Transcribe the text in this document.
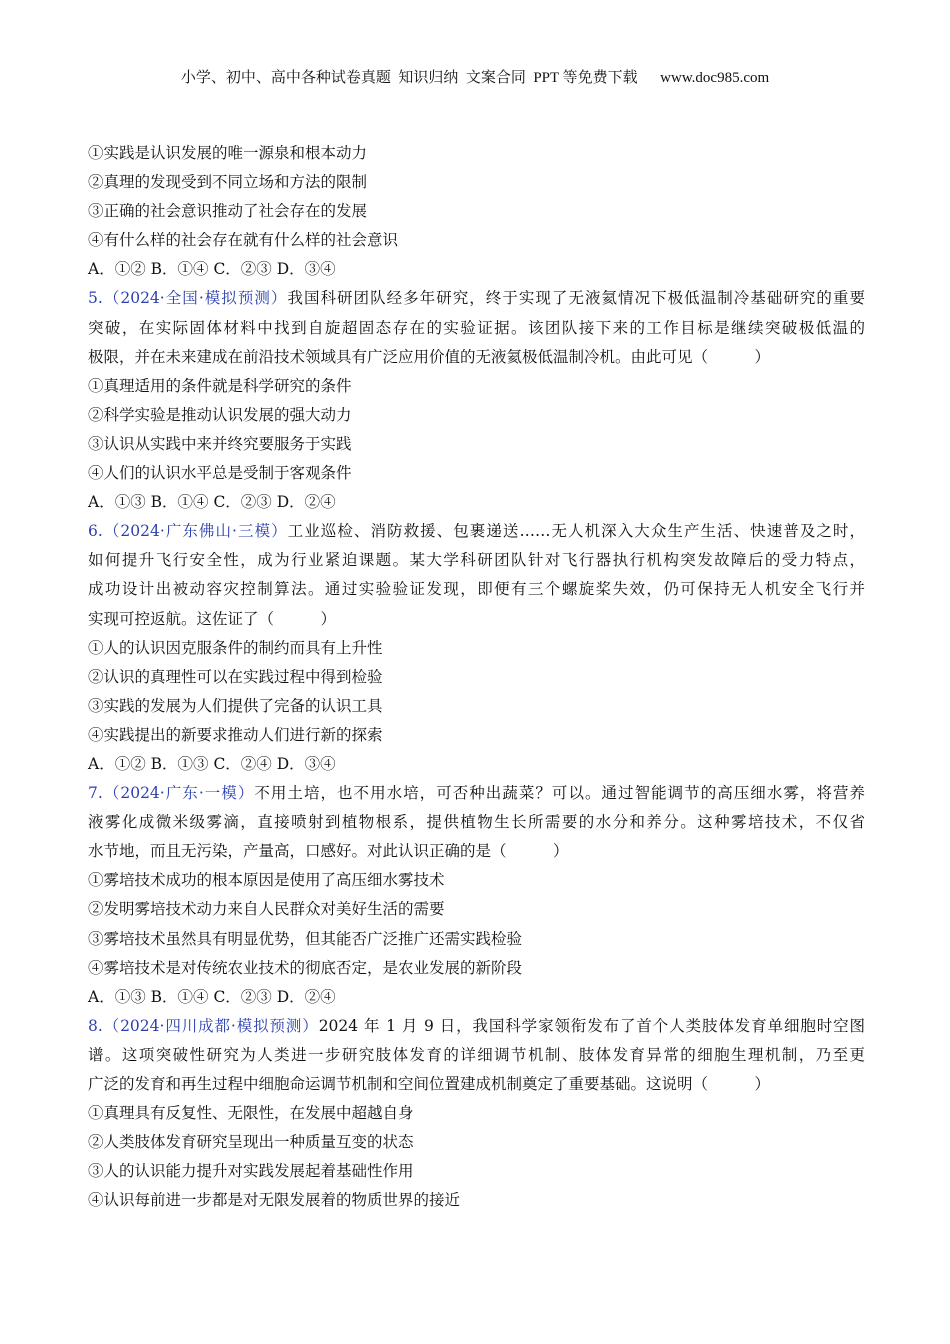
小学、初中、高中各种试卷真题  知识归纳  文案合同  PPT 等免费下载      www.doc985.com
①实践是认识发展的唯一源泉和根本动力
②真理的发现受到不同立场和方法的限制
③正确的社会意识推动了社会存在的发展
④有什么样的社会存在就有什么样的社会意识
A．①② B．①④ C．②③ D．③④
5.（2024·全国·模拟预测）我国科研团队经多年研究，终于实现了无液氦情况下极低温制冷基础研究的重要
突破，在实际固体材料中找到自旋超固态存在的实验证据。该团队接下来的工作目标是继续突破极低温的
极限，并在未来建成在前沿技术领域具有广泛应用价值的无液氦极低温制冷机。由此可见（　　　）
①真理适用的条件就是科学研究的条件
②科学实验是推动认识发展的强大动力
③认识从实践中来并终究要服务于实践
④人们的认识水平总是受制于客观条件
A．①③ B．①④ C．②③ D．②④
6.（2024·广东佛山·三模）工业巡检、消防救援、包裹递送……无人机深入大众生产生活、快速普及之时，
如何提升飞行安全性，成为行业紧迫课题。某大学科研团队针对飞行器执行机构突发故障后的受力特点，
成功设计出被动容灾控制算法。通过实验验证发现，即便有三个螺旋桨失效，仍可保持无人机安全飞行并
实现可控返航。这佐证了（　　　）
①人的认识因克服条件的制约而具有上升性
②认识的真理性可以在实践过程中得到检验
③实践的发展为人们提供了完备的认识工具
④实践提出的新要求推动人们进行新的探索
A．①② B．①③ C．②④ D．③④
7.（2024·广东·一模）不用土培，也不用水培，可否种出蔬菜？可以。通过智能调节的高压细水雾，将营养
液雾化成微米级雾滴，直接喷射到植物根系，提供植物生长所需要的水分和养分。这种雾培技术，不仅省
水节地，而且无污染，产量高，口感好。对此认识正确的是（　　　）
①雾培技术成功的根本原因是使用了高压细水雾技术
②发明雾培技术动力来自人民群众对美好生活的需要
③雾培技术虽然具有明显优势，但其能否广泛推广还需实践检验
④雾培技术是对传统农业技术的彻底否定，是农业发展的新阶段
A．①③ B．①④ C．②③ D．②④
8.（2024·四川成都·模拟预测）2024 年 1 月 9 日，我国科学家领衔发布了首个人类肢体发育单细胞时空图
谱。这项突破性研究为人类进一步研究肢体发育的详细调节机制、肢体发育异常的细胞生理机制，乃至更
广泛的发育和再生过程中细胞命运调节机制和空间位置建成机制奠定了重要基础。这说明（　　　）
①真理具有反复性、无限性，在发展中超越自身
②人类肢体发育研究呈现出一种质量互变的状态
③人的认识能力提升对实践发展起着基础性作用
④认识每前进一步都是对无限发展着的物质世界的接近
